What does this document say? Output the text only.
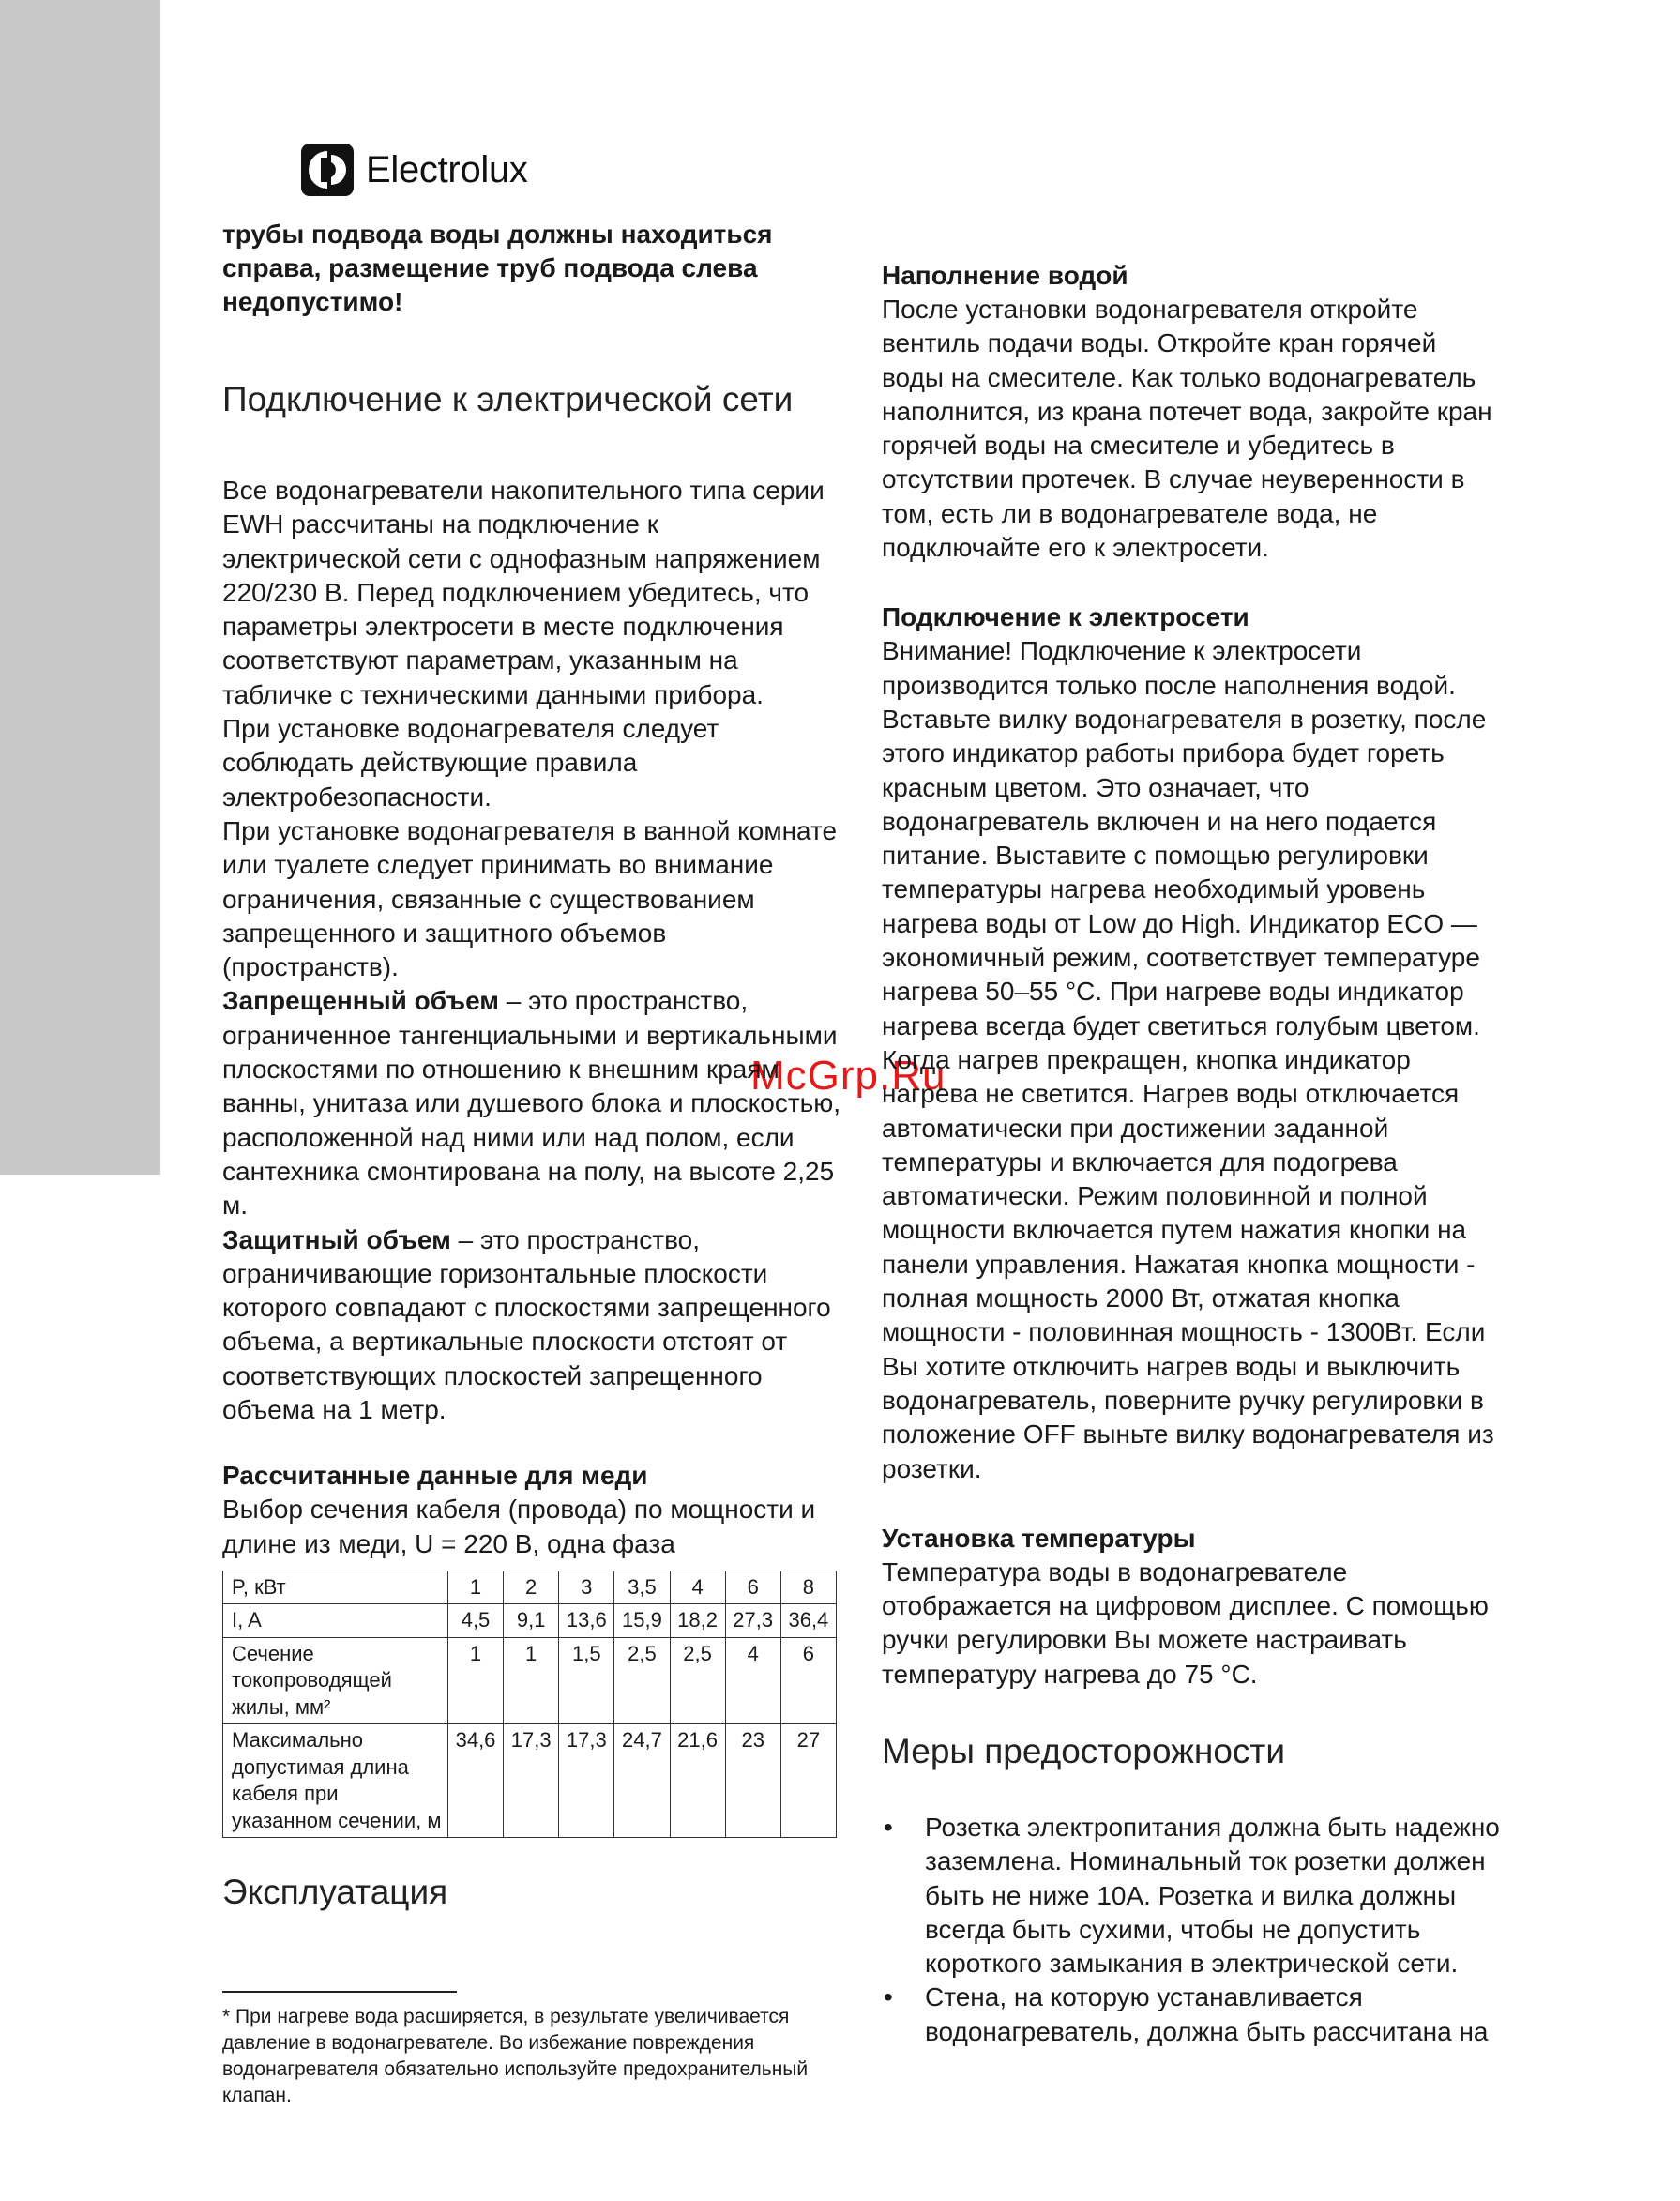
Electrolux
McGrp.Ru

трубы подвода воды должны находиться справа, размещение труб подвода слева недопустимо!

Подключение к электрической сети

Все водонагреватели накопительного типа серии EWH рассчитаны на подключение к электрической сети с однофазным напряжением 220/230 В. Перед подключением убедитесь, что параметры электросети в месте подключения соответствуют параметрам, указанным на табличке с техническими данными прибора.

При установке водонагревателя следует соблюдать действующие правила электробезопасности.

При установке водонагревателя в ванной комнате или туалете следует принимать во внимание ограничения, связанные с существованием запрещенного и защитного объемов (пространств).

Запрещенный объем – это пространство, ограниченное тангенциальными и вертикальными плоскостями по отношению к внешним краям ванны, унитаза или душевого блока и плоскостью, расположенной над ними или над полом, если сантехника смонтирована на полу, на высоте 2,25 м.

Защитный объем – это пространство, ограничивающие горизонтальные плоскости которого совпадают с плоскостями запрещенного объема, а вертикальные плоскости отстоят от соответствующих плоскостей запрещенного объема на 1 метр.

Рассчитанные данные для меди

Выбор сечения кабеля (провода) по мощности и длине из меди, U = 220 В, одна фаза

P, кВт	1	2	3	3,5	4	6	8
I, A	4,5	9,1	13,6	15,9	18,2	27,3	36,4
Сечение токопроводящей жилы, мм²	1	1	1,5	2,5	2,5	4	6
Максимально допустимая длина кабеля при указанном сечении, м	34,6	17,3	17,3	24,7	21,6	23	27
Эксплуатация

* При нагреве вода расширяется, в результате увеличивается давление в водонагревателе. Во избежание повреждения водонагревателя обязательно используйте предохранительный клапан.

Наполнение водой

После установки водонагревателя откройте вентиль подачи воды. Откройте кран горячей воды на смесителе. Как только водонагреватель наполнится, из крана потечет вода, закройте кран горячей воды на смесителе и убедитесь в отсутствии протечек. В случае неуверенности в том, есть ли в водонагревателе вода, не подключайте его к электросети.

Подключение к электросети

Внимание! Подключение к электросети производится только после наполнения водой. Вставьте вилку водонагревателя в розетку, после этого индикатор работы прибора будет гореть красным цветом. Это означает, что водонагреватель включен и на него подается питание. Выставите с помощью регулировки температуры нагрева необходимый уровень нагрева воды от Low до High. Индикатор ECO — экономичный режим, соответствует температуре нагрева 50–55 °С. При нагреве воды индикатор нагрева всегда будет светиться голубым цветом. Когда нагрев прекращен, кнопка индикатор нагрева не светится. Нагрев воды отключается автоматически при достижении заданной температуры и включается для подогрева автоматически. Режим половинной и полной мощности включается путем нажатия кнопки на панели управления. Нажатая кнопка мощности - полная мощность 2000 Вт, отжатая кнопка мощности - половинная мощность - 1300Вт. Если Вы хотите отключить нагрев воды и выключить водонагреватель, поверните ручку регулировки в положение OFF выньте вилку водонагревателя из розетки.

Установка температуры

Температура воды в водонагревателе отображается на цифровом дисплее. С помощью ручки регулировки Вы можете настраивать температуру нагрева до 75 °С.

Меры предосторожности
• Розетка электропитания должна быть надежно заземлена. Номинальный ток розетки должен быть не ниже 10А. Розетка и вилка должны всегда быть сухими, чтобы не допустить короткого замыкания в электрической сети.
• Стена, на которую устанавливается водонагреватель, должна быть рассчитана на
